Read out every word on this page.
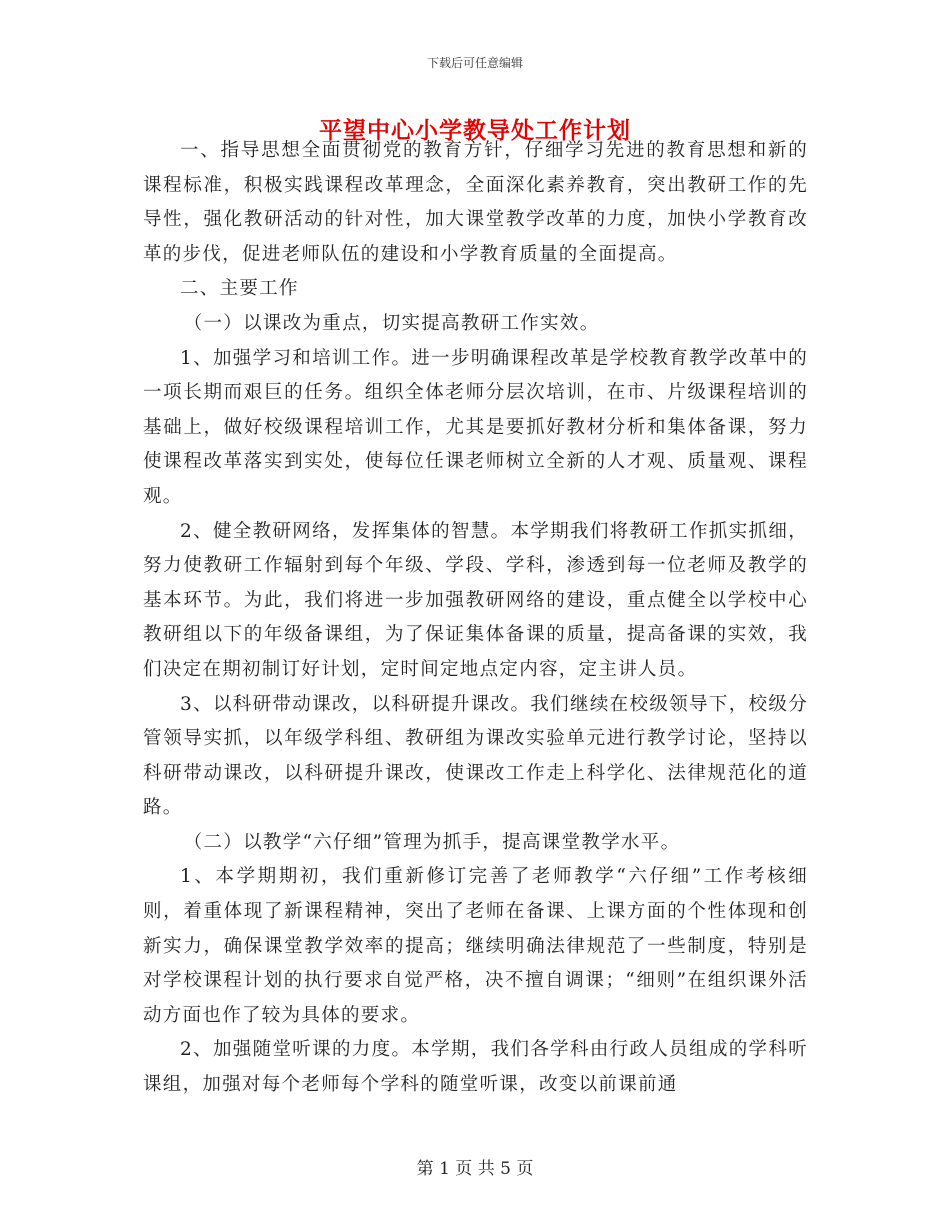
下载后可任意编辑
平望中心小学教导处工作计划

一、指导思想全面贯彻党的教育方针，仔细学习先进的教育思想和新的课程标准，积极实践课程改革理念，全面深化素养教育，突出教研工作的先导性，强化教研活动的针对性，加大课堂教学改革的力度，加快小学教育改革的步伐，促进老师队伍的建设和小学教育质量的全面提高。

二、主要工作

（一）以课改为重点，切实提高教研工作实效。

1、加强学习和培训工作。进一步明确课程改革是学校教育教学改革中的一项长期而艰巨的任务。组织全体老师分层次培训，在市、片级课程培训的基础上，做好校级课程培训工作，尤其是要抓好教材分析和集体备课，努力使课程改革落实到实处，使每位任课老师树立全新的人才观、质量观、课程观。

2、健全教研网络，发挥集体的智慧。本学期我们将教研工作抓实抓细，努力使教研工作辐射到每个年级、学段、学科，渗透到每一位老师及教学的基本环节。为此，我们将进一步加强教研网络的建设，重点健全以学校中心教研组以下的年级备课组，为了保证集体备课的质量，提高备课的实效，我们决定在期初制订好计划，定时间定地点定内容，定主讲人员。

3、以科研带动课改，以科研提升课改。我们继续在校级领导下，校级分管领导实抓，以年级学科组、教研组为课改实验单元进行教学讨论，坚持以科研带动课改，以科研提升课改，使课改工作走上科学化、法律规范化的道路。

（二）以教学“六仔细”管理为抓手，提高课堂教学水平。

1、本学期期初，我们重新修订完善了老师教学“六仔细”工作考核细则，着重体现了新课程精神，突出了老师在备课、上课方面的个性体现和创新实力，确保课堂教学效率的提高；继续明确法律规范了一些制度，特别是对学校课程计划的执行要求自觉严格，决不擅自调课；“细则”在组织课外活动方面也作了较为具体的要求。

2、加强随堂听课的力度。本学期，我们各学科由行政人员组成的学科听课组，加强对每个老师每个学科的随堂听课，改变以前课前通

第 1 页 共 5 页
